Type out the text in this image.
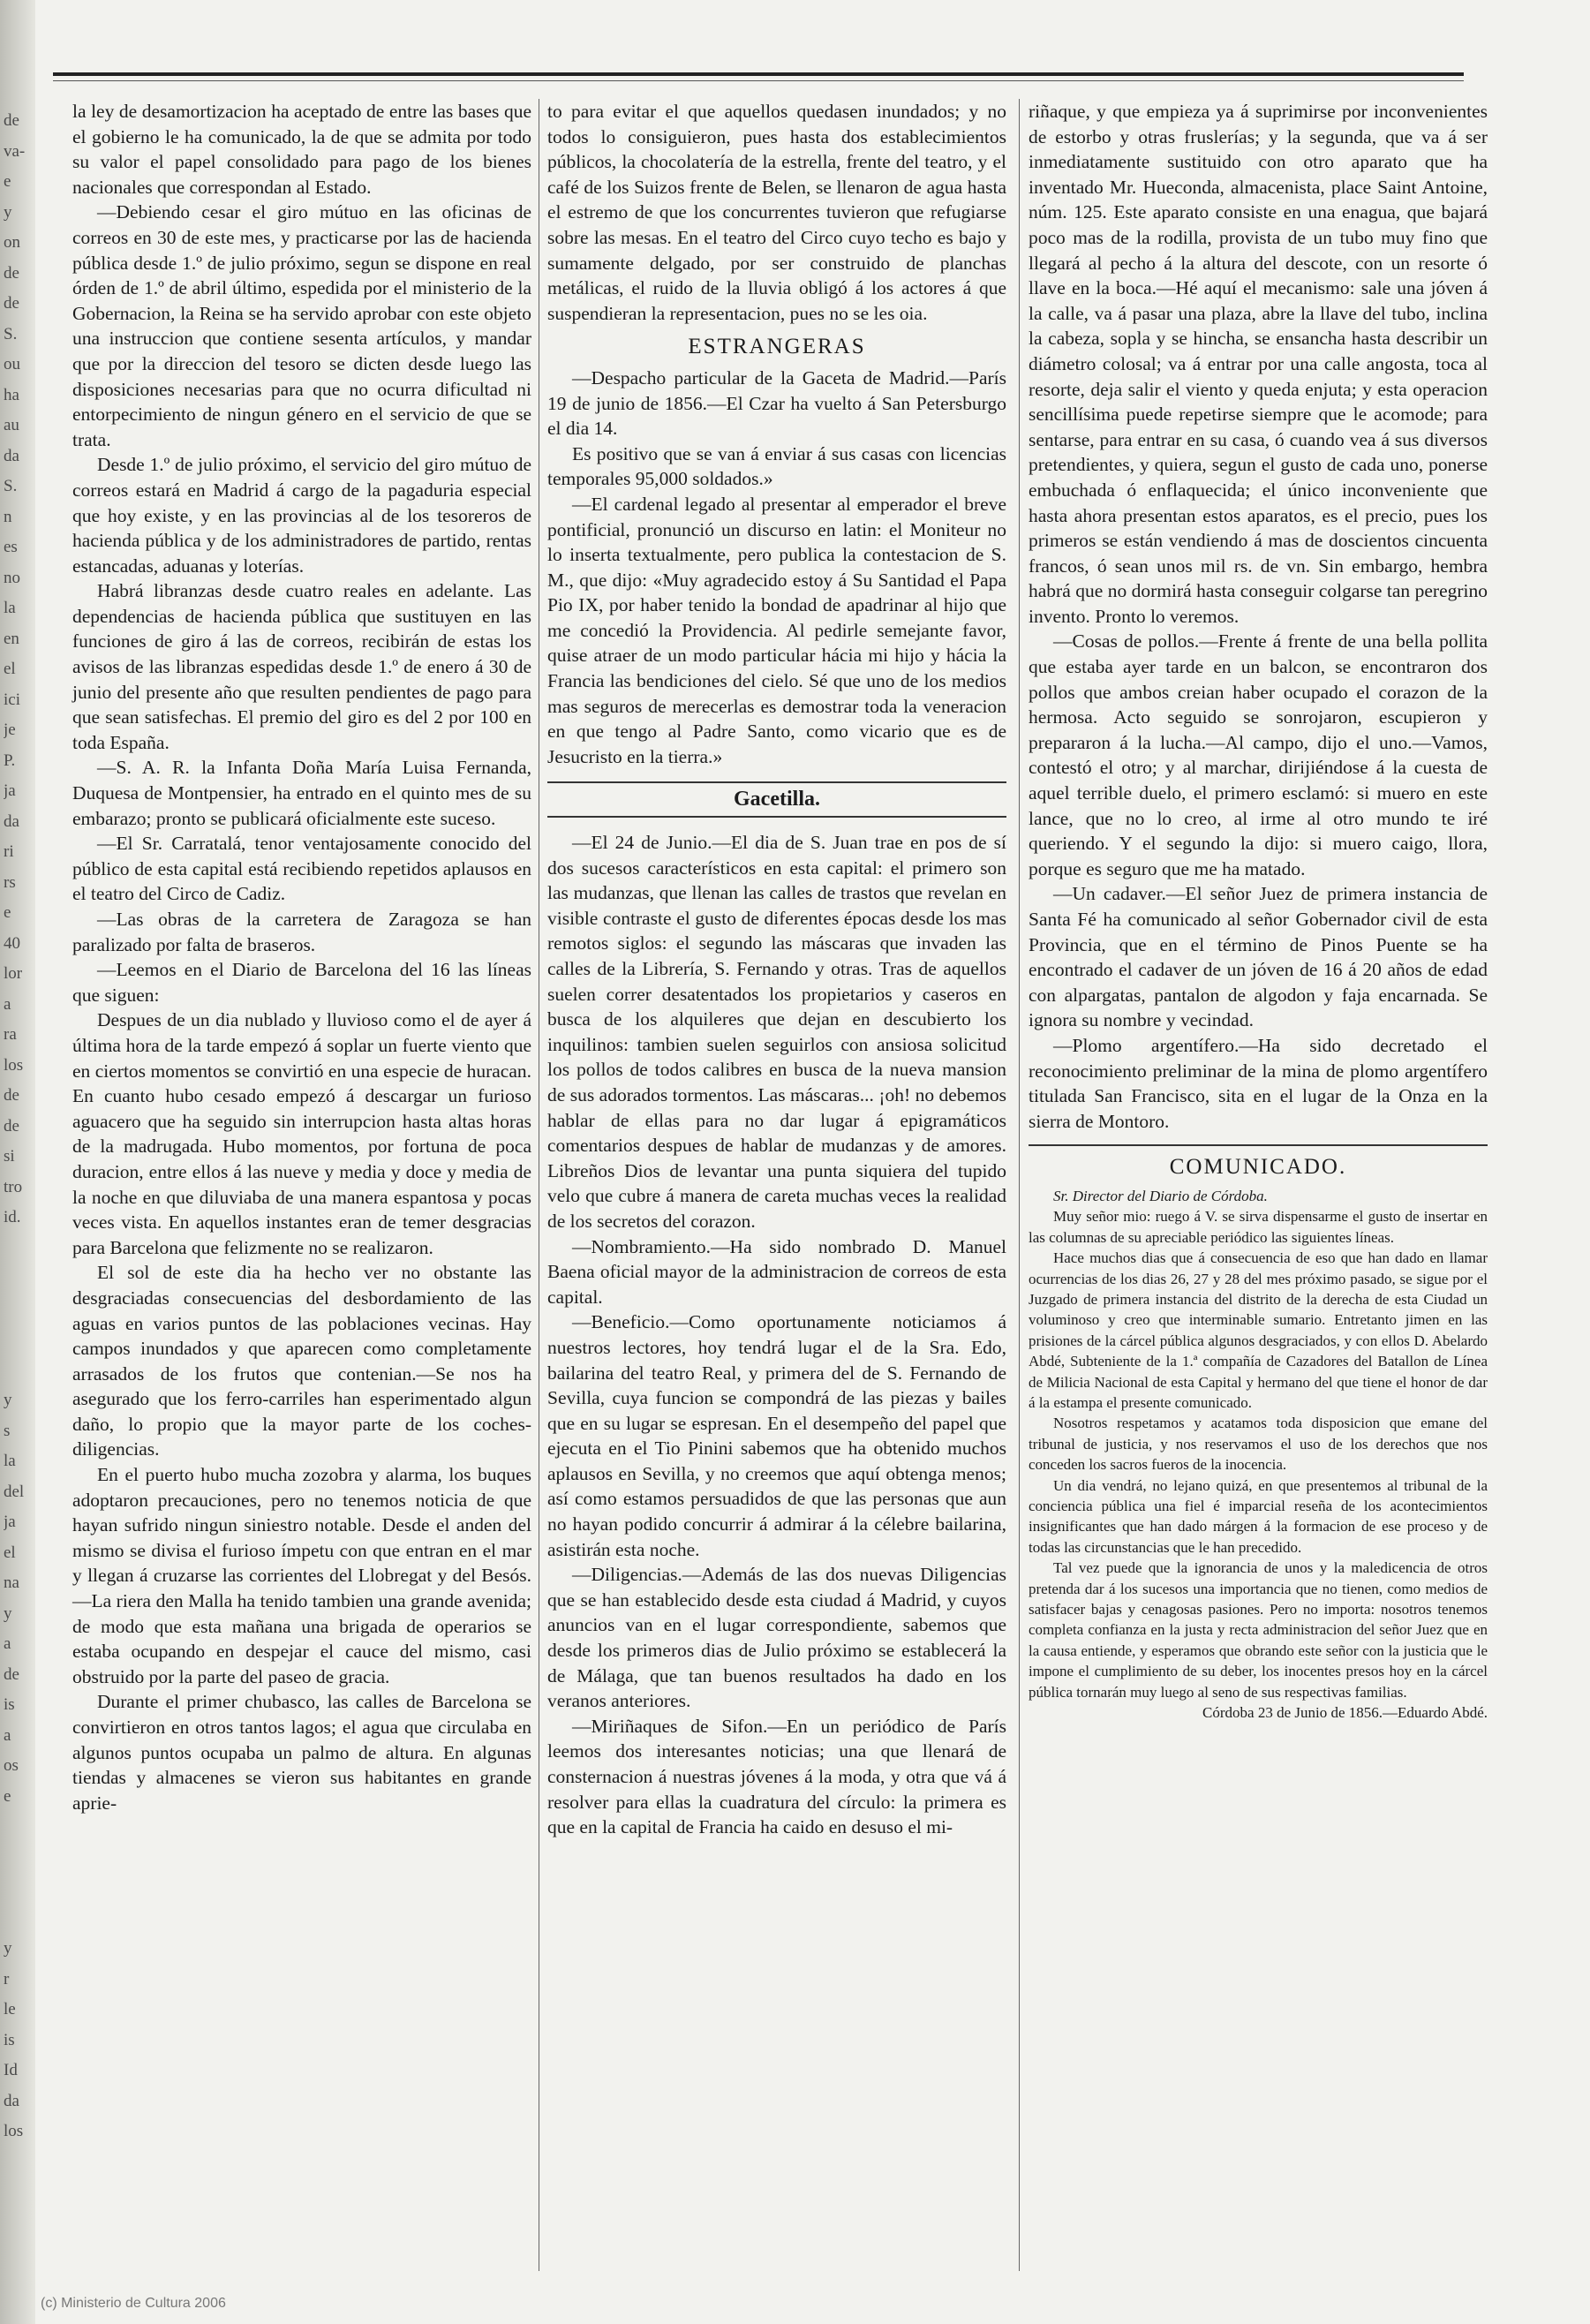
de
va-
e
y
on
de
de
S.
ou
ha
au
da
S.
n
es
no
la
en
el
ici
je
P.
ja
da
ri
rs
e
40
lor
a
ra
los
de
de
si
tro
id.

y
s
la
del
ja
el
na
y
a
de
is
a
os
e

y
r
le
is
Id
da
los

la ley de desamortizacion ha aceptado de entre las bases que el gobierno le ha comunicado, la de que se admita por todo su valor el papel consolidado para pago de los bienes nacionales que correspondan al Estado.

—Debiendo cesar el giro mútuo en las oficinas de correos en 30 de este mes, y practicarse por las de hacienda pública desde 1.º de julio próximo, segun se dispone en real órden de 1.º de abril último, espedida por el ministerio de la Gobernacion, la Reina se ha servido aprobar con este objeto una instruccion que contiene sesenta artículos, y mandar que por la direccion del tesoro se dicten desde luego las disposiciones necesarias para que no ocurra dificultad ni entorpecimiento de ningun género en el servicio de que se trata.

Desde 1.º de julio próximo, el servicio del giro mútuo de correos estará en Madrid á cargo de la pagaduria especial que hoy existe, y en las provincias al de los tesoreros de hacienda pública y de los administradores de partido, rentas estancadas, aduanas y loterías.

Habrá libranzas desde cuatro reales en adelante. Las dependencias de hacienda pública que sustituyen en las funciones de giro á las de correos, recibirán de estas los avisos de las libranzas espedidas desde 1.º de enero á 30 de junio del presente año que resulten pendientes de pago para que sean satisfechas. El premio del giro es del 2 por 100 en toda España.

—S. A. R. la Infanta Doña María Luisa Fernanda, Duquesa de Montpensier, ha entrado en el quinto mes de su embarazo; pronto se publicará oficialmente este suceso.

—El Sr. Carratalá, tenor ventajosamente conocido del público de esta capital está recibiendo repetidos aplausos en el teatro del Circo de Cadiz.

—Las obras de la carretera de Zaragoza se han paralizado por falta de braseros.

—Leemos en el Diario de Barcelona del 16 las líneas que siguen:

Despues de un dia nublado y lluvioso como el de ayer á última hora de la tarde empezó á soplar un fuerte viento que en ciertos momentos se convirtió en una especie de huracan. En cuanto hubo cesado empezó á descargar un furioso aguacero que ha seguido sin interrupcion hasta altas horas de la madrugada. Hubo momentos, por fortuna de poca duracion, entre ellos á las nueve y media y doce y media de la noche en que diluviaba de una manera espantosa y pocas veces vista. En aquellos instantes eran de temer desgracias para Barcelona que felizmente no se realizaron.

El sol de este dia ha hecho ver no obstante las desgraciadas consecuencias del desbordamiento de las aguas en varios puntos de las poblaciones vecinas. Hay campos inundados y que aparecen como completamente arrasados de los frutos que contenian.—Se nos ha asegurado que los ferro-carriles han esperimentado algun daño, lo propio que la mayor parte de los coches-diligencias.

En el puerto hubo mucha zozobra y alarma, los buques adoptaron precauciones, pero no tenemos noticia de que hayan sufrido ningun siniestro notable. Desde el anden del mismo se divisa el furioso ímpetu con que entran en el mar y llegan á cruzarse las corrientes del Llobregat y del Besós.—La riera den Malla ha tenido tambien una grande avenida; de modo que esta mañana una brigada de operarios se estaba ocupando en despejar el cauce del mismo, casi obstruido por la parte del paseo de gracia.

Durante el primer chubasco, las calles de Barcelona se convirtieron en otros tantos lagos; el agua que circulaba en algunos puntos ocupaba un palmo de altura. En algunas tiendas y almacenes se vieron sus habitantes en grande aprie-

to para evitar el que aquellos quedasen inundados; y no todos lo consiguieron, pues hasta dos establecimientos públicos, la chocolatería de la estrella, frente del teatro, y el café de los Suizos frente de Belen, se llenaron de agua hasta el estremo de que los concurrentes tuvieron que refugiarse sobre las mesas. En el teatro del Circo cuyo techo es bajo y sumamente delgado, por ser construido de planchas metálicas, el ruido de la lluvia obligó á los actores á que suspendieran la representacion, pues no se les oia.

ESTRANGERAS

—Despacho particular de la Gaceta de Madrid.—París 19 de junio de 1856.—El Czar ha vuelto á San Petersburgo el dia 14.

Es positivo que se van á enviar á sus casas con licencias temporales 95,000 soldados.»

—El cardenal legado al presentar al emperador el breve pontificial, pronunció un discurso en latin: el Moniteur no lo inserta textualmente, pero publica la contestacion de S. M., que dijo: «Muy agradecido estoy á Su Santidad el Papa Pio IX, por haber tenido la bondad de apadrinar al hijo que me concedió la Providencia. Al pedirle semejante favor, quise atraer de un modo particular hácia mi hijo y hácia la Francia las bendiciones del cielo. Sé que uno de los medios mas seguros de merecerlas es demostrar toda la veneracion en que tengo al Padre Santo, como vicario que es de Jesucristo en la tierra.»

Gacetilla.

—El 24 de Junio.—El dia de S. Juan trae en pos de sí dos sucesos característicos en esta capital: el primero son las mudanzas, que llenan las calles de trastos que revelan en visible contraste el gusto de diferentes épocas desde los mas remotos siglos: el segundo las máscaras que invaden las calles de la Librería, S. Fernando y otras. Tras de aquellos suelen correr desatentados los propietarios y caseros en busca de los alquileres que dejan en descubierto los inquilinos: tambien suelen seguirlos con ansiosa solicitud los pollos de todos calibres en busca de la nueva mansion de sus adorados tormentos. Las máscaras... ¡oh! no debemos hablar de ellas para no dar lugar á epigramáticos comentarios despues de hablar de mudanzas y de amores. Libreños Dios de levantar una punta siquiera del tupido velo que cubre á manera de careta muchas veces la realidad de los secretos del corazon.

—Nombramiento.—Ha sido nombrado D. Manuel Baena oficial mayor de la administracion de correos de esta capital.

—Beneficio.—Como oportunamente noticiamos á nuestros lectores, hoy tendrá lugar el de la Sra. Edo, bailarina del teatro Real, y primera del de S. Fernando de Sevilla, cuya funcion se compondrá de las piezas y bailes que en su lugar se espresan. En el desempeño del papel que ejecuta en el Tio Pinini sabemos que ha obtenido muchos aplausos en Sevilla, y no creemos que aquí obtenga menos; así como estamos persuadidos de que las personas que aun no hayan podido concurrir á admirar á la célebre bailarina, asistirán esta noche.

—Diligencias.—Además de las dos nuevas Diligencias que se han establecido desde esta ciudad á Madrid, y cuyos anuncios van en el lugar correspondiente, sabemos que desde los primeros dias de Julio próximo se establecerá la de Málaga, que tan buenos resultados ha dado en los veranos anteriores.

—Miriñaques de Sifon.—En un periódico de París leemos dos interesantes noticias; una que llenará de consternacion á nuestras jóvenes á la moda, y otra que vá á resolver para ellas la cuadratura del círculo: la primera es que en la capital de Francia ha caido en desuso el mi-

riñaque, y que empieza ya á suprimirse por inconvenientes de estorbo y otras fruslerías; y la segunda, que va á ser inmediatamente sustituido con otro aparato que ha inventado Mr. Hueconda, almacenista, place Saint Antoine, núm. 125. Este aparato consiste en una enagua, que bajará poco mas de la rodilla, provista de un tubo muy fino que llegará al pecho á la altura del descote, con un resorte ó llave en la boca.—Hé aquí el mecanismo: sale una jóven á la calle, va á pasar una plaza, abre la llave del tubo, inclina la cabeza, sopla y se hincha, se ensancha hasta describir un diámetro colosal; va á entrar por una calle angosta, toca al resorte, deja salir el viento y queda enjuta; y esta operacion sencillísima puede repetirse siempre que le acomode; para sentarse, para entrar en su casa, ó cuando vea á sus diversos pretendientes, y quiera, segun el gusto de cada uno, ponerse embuchada ó enflaquecida; el único inconveniente que hasta ahora presentan estos aparatos, es el precio, pues los primeros se están vendiendo á mas de doscientos cincuenta francos, ó sean unos mil rs. de vn. Sin embargo, hembra habrá que no dormirá hasta conseguir colgarse tan peregrino invento. Pronto lo veremos.

—Cosas de pollos.—Frente á frente de una bella pollita que estaba ayer tarde en un balcon, se encontraron dos pollos que ambos creian haber ocupado el corazon de la hermosa. Acto seguido se sonrojaron, escupieron y prepararon á la lucha.—Al campo, dijo el uno.—Vamos, contestó el otro; y al marchar, dirijiéndose á la cuesta de aquel terrible duelo, el primero esclamó: si muero en este lance, que no lo creo, al irme al otro mundo te iré queriendo. Y el segundo la dijo: si muero caigo, llora, porque es seguro que me ha matado.

—Un cadaver.—El señor Juez de primera instancia de Santa Fé ha comunicado al señor Gobernador civil de esta Provincia, que en el término de Pinos Puente se ha encontrado el cadaver de un jóven de 16 á 20 años de edad con alpargatas, pantalon de algodon y faja encarnada. Se ignora su nombre y vecindad.

—Plomo argentífero.—Ha sido decretado el reconocimiento preliminar de la mina de plomo argentífero titulada San Francisco, sita en el lugar de la Onza en la sierra de Montoro.

COMUNICADO.

Sr. Director del Diario de Córdoba.

Muy señor mio: ruego á V. se sirva dispensarme el gusto de insertar en las columnas de su apreciable periódico las siguientes líneas.

Hace muchos dias que á consecuencia de eso que han dado en llamar ocurrencias de los dias 26, 27 y 28 del mes próximo pasado, se sigue por el Juzgado de primera instancia del distrito de la derecha de esta Ciudad un voluminoso y creo que interminable sumario. Entretanto jimen en las prisiones de la cárcel pública algunos desgraciados, y con ellos D. Abelardo Abdé, Subteniente de la 1.ª compañía de Cazadores del Batallon de Línea de Milicia Nacional de esta Capital y hermano del que tiene el honor de dar á la estampa el presente comunicado.

Nosotros respetamos y acatamos toda disposicion que emane del tribunal de justicia, y nos reservamos el uso de los derechos que nos conceden los sacros fueros de la inocencia.

Un dia vendrá, no lejano quizá, en que presentemos al tribunal de la conciencia pública una fiel é imparcial reseña de los acontecimientos insignificantes que han dado márgen á la formacion de ese proceso y de todas las circunstancias que le han precedido.

Tal vez puede que la ignorancia de unos y la maledicencia de otros pretenda dar á los sucesos una importancia que no tienen, como medios de satisfacer bajas y cenagosas pasiones. Pero no importa: nosotros tenemos completa confianza en la justa y recta administracion del señor Juez que en la causa entiende, y esperamos que obrando este señor con la justicia que le impone el cumplimiento de su deber, los inocentes presos hoy en la cárcel pública tornarán muy luego al seno de sus respectivas familias.

Córdoba 23 de Junio de 1856.—Eduardo Abdé.

(c) Ministerio de Cultura 2006
